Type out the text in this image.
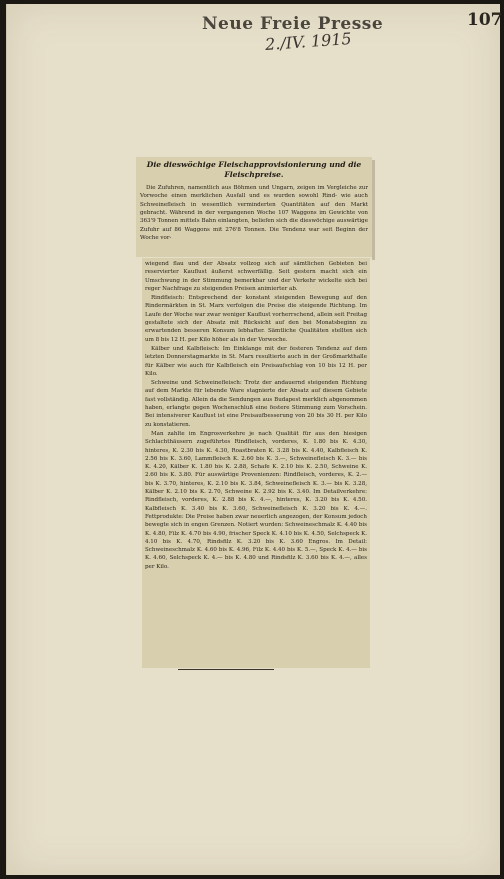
Neue Freie Presse	107
2./IV. 1915
Die dieswöchige Fleischapprovisionierung und die Fleischpreise.

Die Zufuhren, namentlich aus Böhmen und Ungarn, zeigen im Vergleiche zur Vorwoche einen merklichen Ausfall und es wurden sowohl Rind- wie auch Schweinefleisch in wesentlich verminderten Quantitäten auf den Markt gebracht. Während in der vergangenen Woche 107 Waggons im Gewichte von 363'9 Tonnen mittels Bahn einlangten, beliefen sich die dieswöchige auswärtige Zufuhr auf 86 Waggons mit 276'8 Tonnen. Die Tendenz war seit Beginn der Woche vor-

wiegend flau und der Absatz vollzog sich auf sämtlichen Gebieten bei reservierter Kauflust äußerst schwerfällig. Seit gestern macht sich ein Umschwung in der Stimmung bemerkbar und der Verkehr wickelte sich bei reger Nachfrage zu steigenden Preisen animierter ab.

Rindfleisch: Entsprechend der konstant steigenden Bewegung auf den Rindermärkten in St. Marx verfolgen die Preise die steigende Richtung. Im Laufe der Woche war zwar weniger Kauflust vorherrschend, allein seit Freitag gestaltete sich der Absatz mit Rücksicht auf den bei Monatsbeginn zu erwartenden besseren Konsum lebhafter. Sämtliche Qualitäten stellten sich um 8 bis 12 H. per Kilo höher als in der Vorwoche.

Kälber und Kalbfleisch: Im Einklange mit der festeren Tendenz auf dem letzten Donnerstagmarkte in St. Marx resultierte auch in der Großmarkthalle für Kälber wie auch für Kalbfleisch ein Preisaufschlag von 10 bis 12 H. per Kilo.

Schweine und Schweinefleisch: Trotz der andauernd steigenden Richtung auf dem Markte für lebende Ware stagnierte der Absatz auf diesem Gebiete fast vollständig. Allein da die Sendungen aus Budapest merklich abgenommen haben, erlangte gegen Wochenschluß eine festere Stimmung zum Vorschein. Bei intensiverer Kauflust ist eine Preisaufbesserung von 20 bis 30 H. per Kilo zu konstatieren.

Man zahlte im Engrosverkehre je nach Qualität für aus den hiesigen Schlachthäusern zugeführtes Rindfleisch, vorderes, K. 1.80 bis K. 4.30, hinteres, K. 2.30 bis K. 4.30, Roastbraten K. 3.28 bis K. 4.40, Kalbfleisch K. 2.56 bis K. 3.60, Lammfleisch K. 2.60 bis K. 3.—, Schweinefleisch K. 3.— bis K. 4.20, Kälber K. 1.80 bis K. 2.88, Schafe K. 2.10 bis K. 2.50, Schweine K. 2.60 bis K. 3.80. Für auswärtige Provenienzen: Rindfleisch, vorderes, K. 2.— bis K. 3.70, hinteres, K. 2.10 bis K. 3.84, Schweinefleisch K. 3.— bis K. 3.28, Kälber K. 2.10 bis K. 2.70, Schweine K. 2.92 bis K. 3.40. Im Detailverkehre: Rindfleisch, vorderes, K. 2.88 bis K. 4.—, hinteres, K. 3.20 bis K. 4.50. Kalbfleisch K. 3.40 bis K. 3.60, Schweinefleisch K. 3.20 bis K. 4.—. Fettprodukte: Die Preise haben zwar neuerlich angezogen, der Konsum jedoch bewegte sich in engen Grenzen. Notiert wurden: Schweineschmalz K. 4.40 bis K. 4.80, Filz K. 4.70 bis 4.90, frischer Speck K. 4.10 bis K. 4.50, Selchspeck K. 4.10 bis K. 4.70, Rindsfilz K. 3.20 bis K. 3.60 Engros. Im Detail: Schweineschmalz K. 4.60 bis K. 4.96, Filz K. 4.40 bis K. 5.—, Speck K. 4.— bis K. 4.60, Selchspeck K. 4.— bis K. 4.80 und Rindsfilz K. 3.60 bis K. 4.—, alles per Kilo.
